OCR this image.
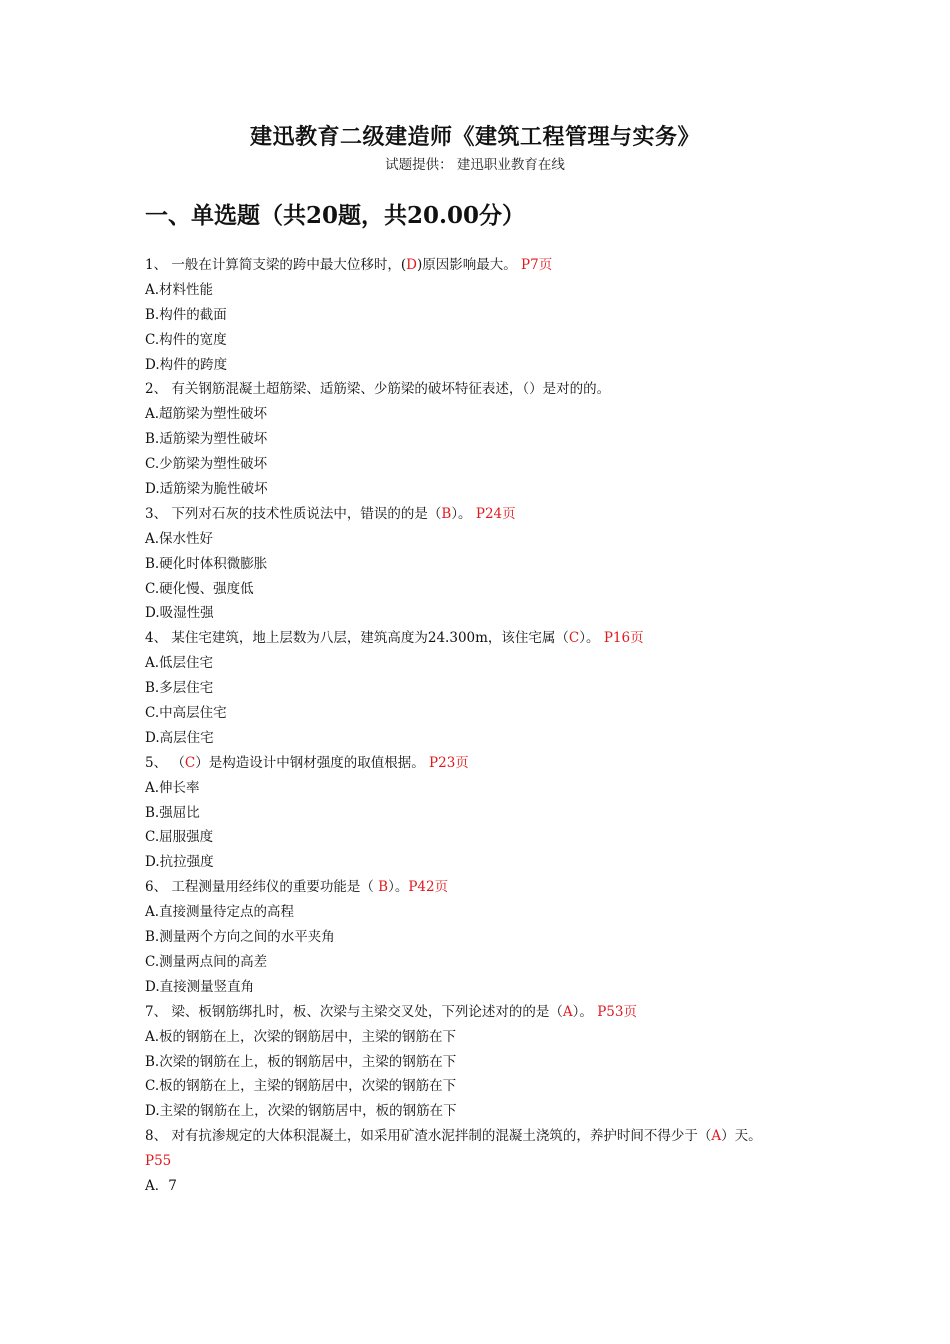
建迅教育二级建造师《建筑工程管理与实务》
试题提供： 建迅职业教育在线
一、单选题（共20题，共20.00分）
1、 一般在计算简支梁的跨中最大位移时，(D)原因影响最大。 P7页
A.材料性能
B.构件的截面
C.构件的宽度
D.构件的跨度
2、 有关钢筋混凝土超筋梁、适筋梁、少筋梁的破坏特征表述，（）是对的的。
A.超筋梁为塑性破坏
B.适筋梁为塑性破坏
C.少筋梁为塑性破坏
D.适筋梁为脆性破坏
3、 下列对石灰的技术性质说法中，错误的的是（B）。 P24页
A.保水性好
B.硬化时体积微膨胀
C.硬化慢、强度低
D.吸湿性强
4、 某住宅建筑，地上层数为八层，建筑高度为24.300m，该住宅属（C）。 P16页
A.低层住宅
B.多层住宅
C.中高层住宅
D.高层住宅
5、 （C）是构造设计中钢材强度的取值根据。 P23页
A.伸长率
B.强屈比
C.屈服强度
D.抗拉强度
6、 工程测量用经纬仪的重要功能是（ B）。P42页
A.直接测量待定点的高程
B.测量两个方向之间的水平夹角
C.测量两点间的高差
D.直接测量竖直角
7、 梁、板钢筋绑扎时，板、次梁与主梁交叉处，下列论述对的的是（A）。 P53页
A.板的钢筋在上，次梁的钢筋居中，主梁的钢筋在下
B.次梁的钢筋在上，板的钢筋居中，主梁的钢筋在下
C.板的钢筋在上，主梁的钢筋居中，次梁的钢筋在下
D.主梁的钢筋在上，次梁的钢筋居中，板的钢筋在下
8、 对有抗渗规定的大体积混凝土，如采用矿渣水泥拌制的混凝土浇筑的，养护时间不得少于（A）天。
P55
A．7
